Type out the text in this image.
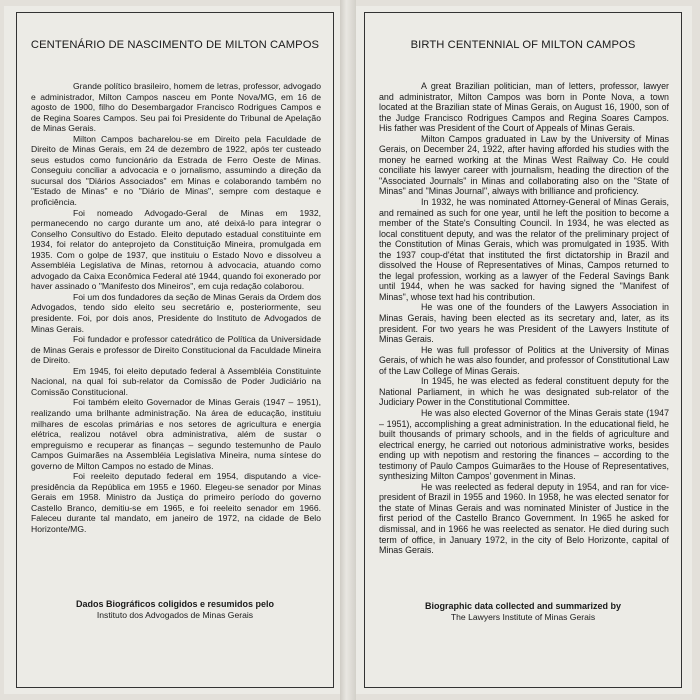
CENTENÁRIO DE NASCIMENTO DE MILTON CAMPOS

Grande político brasileiro, homem de letras, professor, advogado e administrador, Milton Campos nasceu em Ponte Nova/MG, em 16 de agosto de 1900, filho do Desembargador Francisco Rodrigues Campos e de Regina Soares Campos. Seu pai foi Presidente do Tribunal de Apelação de Minas Gerais.

Milton Campos bacharelou-se em Direito pela Faculdade de Direito de Minas Gerais, em 24 de dezembro de 1922, após ter custeado seus estudos como funcionário da Estrada de Ferro Oeste de Minas. Conseguiu conciliar a advocacia e o jornalismo, assumindo a direção da sucursal dos "Diários Associados" em Minas e colaborando também no "Estado de Minas" e no "Diário de Minas", sempre com destaque e proficiência.

Foi nomeado Advogado-Geral de Minas em 1932, permanecendo no cargo durante um ano, até deixá-lo para integrar o Conselho Consultivo do Estado. Eleito deputado estadual constituinte em 1934, foi relator do anteprojeto da Constituição Mineira, promulgada em 1935. Com o golpe de 1937, que instituiu o Estado Novo e dissolveu a Assembléia Legislativa de Minas, retornou à advocacia, atuando como advogado da Caixa Econômica Federal até 1944, quando foi exonerado por haver assinado o "Manifesto dos Mineiros", em cuja redação colaborou.

Foi um dos fundadores da seção de Minas Gerais da Ordem dos Advogados, tendo sido eleito seu secretário e, posteriormente, seu presidente. Foi, por dois anos, Presidente do Instituto de Advogados de Minas Gerais.

Foi fundador e professor catedrático de Política da Universidade de Minas Gerais e professor de Direito Constitucional da Faculdade Mineira de Direito.

Em 1945, foi eleito deputado federal à Assembléia Constituinte Nacional, na qual foi sub-relator da Comissão de Poder Judiciário na Comissão Constitucional.

Foi também eleito Governador de Minas Gerais (1947 – 1951), realizando uma brilhante administração. Na área de educação, instituiu milhares de escolas primárias e nos setores de agricultura e energia elétrica, realizou notável obra administrativa, além de sustar o empreguismo e recuperar as finanças – segundo testemunho de Paulo Campos Guimarães na Assembléia Legislativa Mineira, numa síntese do governo de Milton Campos no estado de Minas.

Foi reeleito deputado federal em 1954, disputando a vice-presidência da República em 1955 e 1960. Elegeu-se senador por Minas Gerais em 1958. Ministro da Justiça do primeiro período do governo Castello Branco, demitiu-se em 1965, e foi reeleito senador em 1966. Faleceu durante tal mandato, em janeiro de 1972, na cidade de Belo Horizonte/MG.

Dados Biográficos coligidos e resumidos pelo
Instituto dos Advogados de Minas Gerais
BIRTH CENTENNIAL OF MILTON CAMPOS

A great Brazilian politician, man of letters, professor, lawyer and administrator, Milton Campos was born in Ponte Nova, a town located at the Brazilian state of Minas Gerais, on August 16, 1900, son of the Judge Francisco Rodrigues Campos and Regina Soares Campos. His father was President of the Court of Appeals of Minas Gerais.

Milton Campos graduated in Law by the University of Minas Gerais, on December 24, 1922, after having afforded his studies with the money he earned working at the Minas West Railway Co. He could conciliate his lawyer career with journalism, heading the direction of the "Associated Journals" in Minas and collaborating also on the "State of Minas" and "Minas Journal", always with brilliance and proficiency.

In 1932, he was nominated Attorney-General of Minas Gerais, and remained as such for one year, until he left the position to become a member of the State's Consulting Council. In 1934, he was elected as local constituent deputy, and was the relator of the preliminary project of the Constitution of Minas Gerais, which was promulgated in 1935. With the 1937 coup-d'état that instituted the first dictatorship in Brazil and dissolved the House of Representatives of Minas, Campos returned to the legal profession, working as a lawyer of the Federal Savings Bank until 1944, when he was sacked for having signed the "Manifest of Minas", whose text had his contribution.

He was one of the founders of the Lawyers Association in Minas Gerais, having been elected as its secretary and, later, as its president. For two years he was President of the Lawyers Institute of Minas Gerais.

He was full professor of Politics at the University of Minas Gerais, of which he was also founder, and professor of Constitutional Law of the Law College of Minas Gerais.

In 1945, he was elected as federal constituent deputy for the National Parliament, in which he was designated sub-relator of the Judiciary Power in the Constitutional Committee.

He was also elected Governor of the Minas Gerais state (1947 – 1951), accomplishing a great administration. In the educational field, he built thousands of primary schools, and in the fields of agriculture and electrical energy, he carried out notorious administrative works, besides ending up with nepotism and restoring the finances – according to the testimony of Paulo Campos Guimarães to the House of Representatives, synthesizing Milton Campos' govenment in Minas.

He was reelected as federal deputy in 1954, and ran for vice-president of Brazil in 1955 and 1960. In 1958, he was elected senator for the state of Minas Gerais and was nominated Minister of Justice in the first period of the Castello Branco Government. In 1965 he asked for dismissal, and in 1966 he was reelected as senator. He died during such term of office, in January 1972, in the city of Belo Horizonte, capital of Minas Gerais.

Biographic data collected and summarized by
The Lawyers Institute of Minas Gerais
